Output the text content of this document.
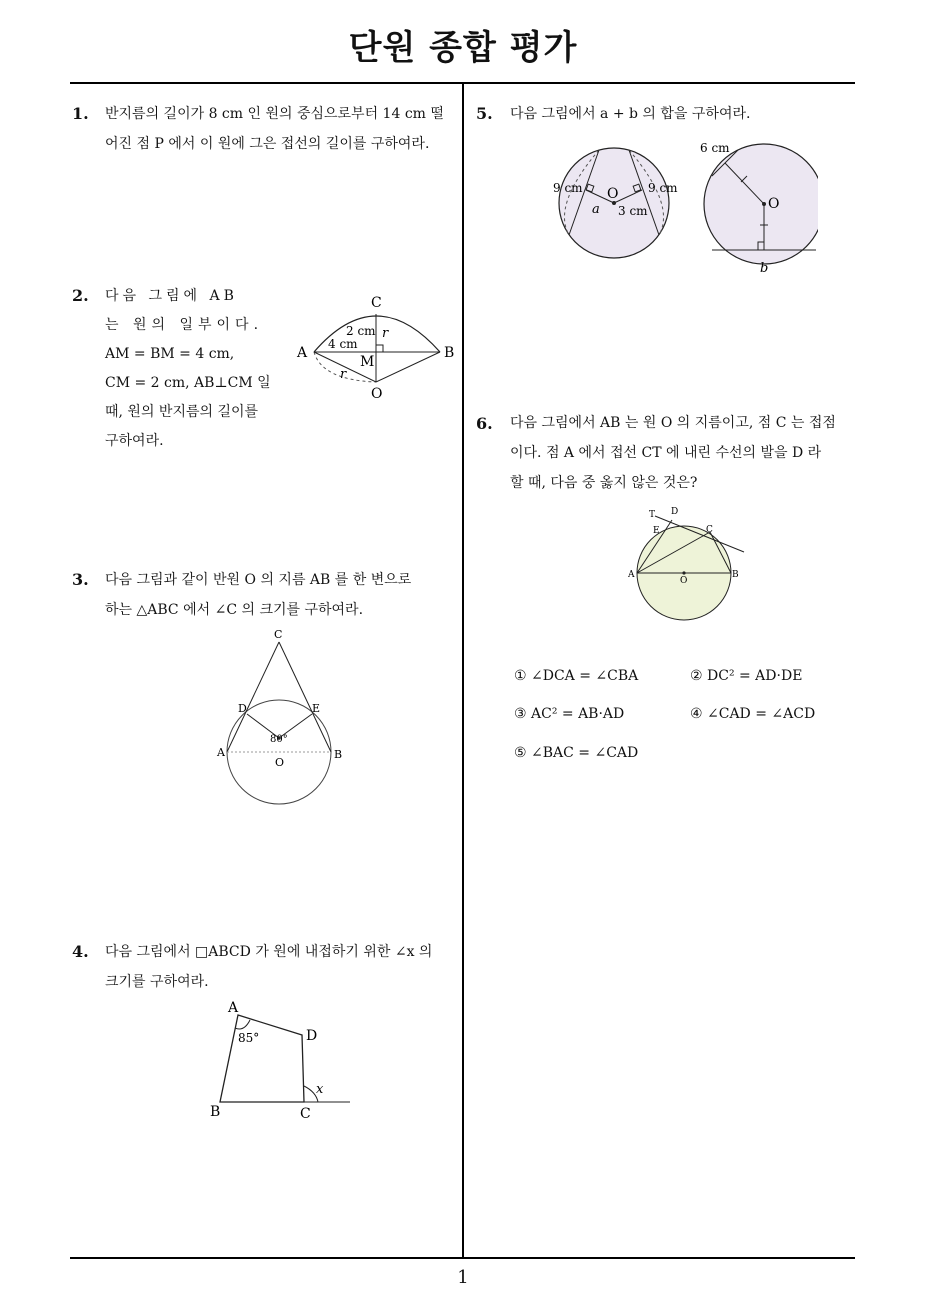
단원 종합 평가
1
1. 반지름의 길이가 8 cm 인 원의 중심으로부터 14 cm 떨

어진 점 P 에서 이 원에 그은 접선의 길이를 구하여라.

2. 다음 그림에 AB

는 원의 일부이다.

AM = BM = 4 cm,

CM = 2 cm, AB⊥CM 일

때, 원의 반지름의 길이를

구하여라.

C
A	B
M
O
r
r
2 cm
4 cm
3. 다음 그림과 같이 반원 O 의 지름 AB 를 한 변으로

하는 △ABC 에서 ∠C 의 크기를 구하여라.

C
D	E
A	B
O
80°
4. 다음 그림에서 □ABCD 가 원에 내접하기 위한 ∠x 의

크기를 구하여라.

A
D
B	C
85°
x
5. 다음 그림에서 a + b 의 합을 구하여라.

9 cm	9 cm
O
a 3 cm
6 cm
O
b
6. 다음 그림에서 AB 는 원 O 의 지름이고, 점 C 는 접점

이다. 점 A 에서 접선 CT 에 내린 수선의 발을 D 라

할 때, 다음 중 옳지 않은 것은?

T D
E	C
A
O
B
① ∠DCA = ∠CBA	② DC² = AD·DE
③ AC² = AB·AD	④ ∠CAD = ∠ACD
⑤ ∠BAC = ∠CAD
